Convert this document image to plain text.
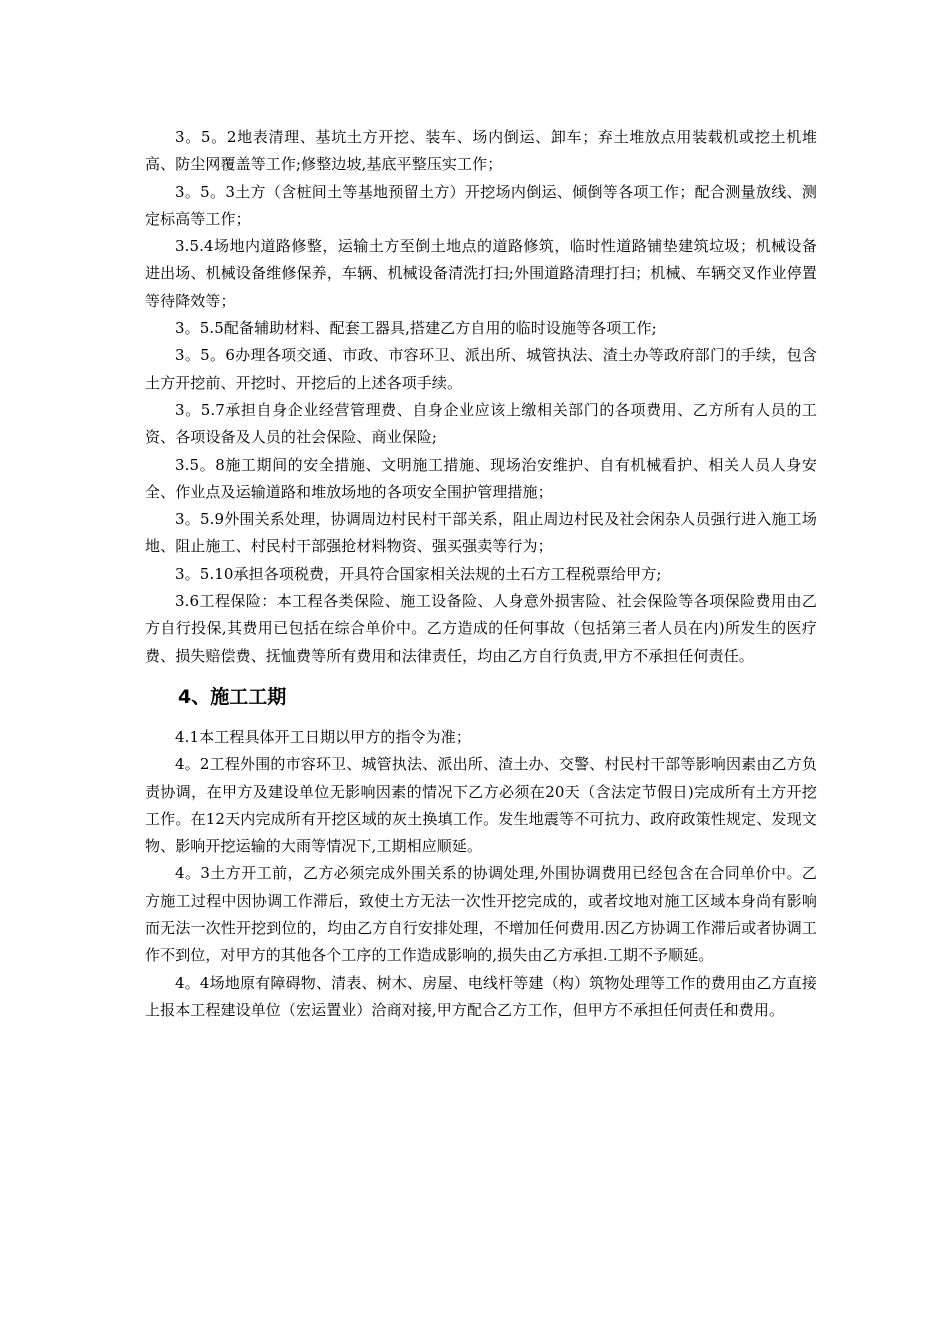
3。5。2地表清理、基坑土方开挖、装车、场内倒运、卸车；弃土堆放点用装载机或挖土机堆高、防尘网覆盖等工作;修整边坡,基底平整压实工作；

3。5。3土方（含桩间土等基地预留土方）开挖场内倒运、倾倒等各项工作；配合测量放线、测定标高等工作；

3.5.4场地内道路修整，运输土方至倒土地点的道路修筑，临时性道路铺垫建筑垃圾；机械设备进出场、机械设备维修保养，车辆、机械设备清洗打扫;外围道路清理打扫；机械、车辆交叉作业停置等待降效等；

3。5.5配备辅助材料、配套工器具,搭建乙方自用的临时设施等各项工作;

3。5。6办理各项交通、市政、市容环卫、派出所、城管执法、渣土办等政府部门的手续，包含土方开挖前、开挖时、开挖后的上述各项手续。

3。5.7承担自身企业经营管理费、自身企业应该上缴相关部门的各项费用、乙方所有人员的工资、各项设备及人员的社会保险、商业保险;

3.5。8施工期间的安全措施、文明施工措施、现场治安维护、自有机械看护、相关人员人身安全、作业点及运输道路和堆放场地的各项安全围护管理措施；

3。5.9外围关系处理，协调周边村民村干部关系，阻止周边村民及社会闲杂人员强行进入施工场地、阻止施工、村民村干部强抢材料物资、强买强卖等行为；

3。5.10承担各项税费，开具符合国家相关法规的土石方工程税票给甲方;

3.6工程保险：本工程各类保险、施工设备险、人身意外损害险、社会保险等各项保险费用由乙方自行投保,其费用已包括在综合单价中。乙方造成的任何事故（包括第三者人员在内)所发生的医疗费、损失赔偿费、抚恤费等所有费用和法律责任，均由乙方自行负责,甲方不承担任何责任。

4、施工工期

4.1本工程具体开工日期以甲方的指令为准；

4。2工程外围的市容环卫、城管执法、派出所、渣土办、交警、村民村干部等影响因素由乙方负责协调，在甲方及建设单位无影响因素的情况下乙方必须在20天（含法定节假日)完成所有土方开挖工作。在12天内完成所有开挖区域的灰土换填工作。发生地震等不可抗力、政府政策性规定、发现文物、影响开挖运输的大雨等情况下,工期相应顺延。

4。3土方开工前，乙方必须完成外围关系的协调处理,外围协调费用已经包含在合同单价中。乙方施工过程中因协调工作滞后，致使土方无法一次性开挖完成的，或者坟地对施工区域本身尚有影响而无法一次性开挖到位的，均由乙方自行安排处理，不增加任何费用.因乙方协调工作滞后或者协调工作不到位，对甲方的其他各个工序的工作造成影响的,损失由乙方承担.工期不予顺延。

4。4场地原有障碍物、清表、树木、房屋、电线杆等建（构）筑物处理等工作的费用由乙方直接上报本工程建设单位（宏运置业）洽商对接,甲方配合乙方工作，但甲方不承担任何责任和费用。
